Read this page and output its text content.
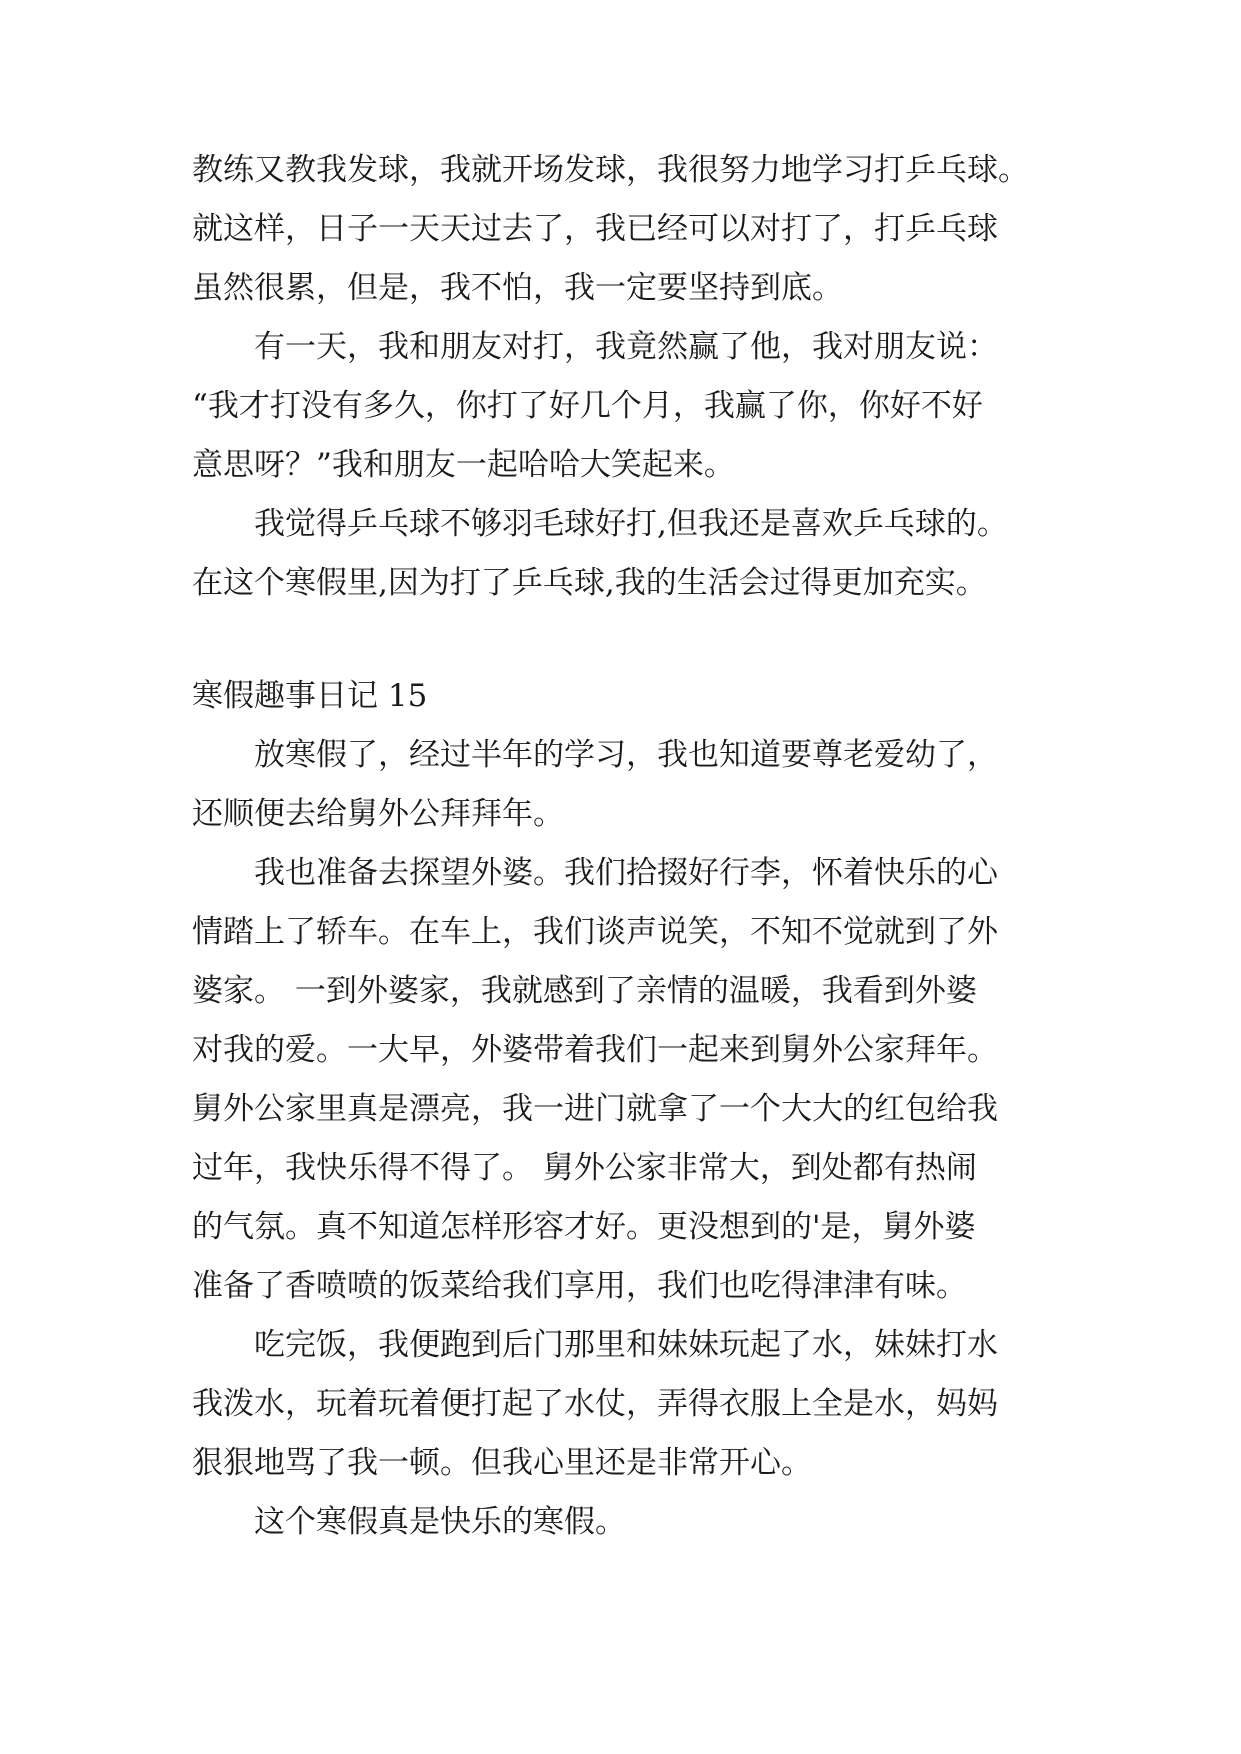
教练又教我发球，我就开场发球，我很努力地学习打乒乓球。

就这样，日子一天天过去了，我已经可以对打了，打乒乓球

虽然很累，但是，我不怕，我一定要坚持到底。

有一天，我和朋友对打，我竟然赢了他，我对朋友说：

“我才打没有多久，你打了好几个月，我赢了你，你好不好

意思呀？”我和朋友一起哈哈大笑起来。

我觉得乒乓球不够羽毛球好打,但我还是喜欢乒乓球的。

在这个寒假里,因为打了乒乓球,我的生活会过得更加充实。

寒假趣事日记 15

放寒假了，经过半年的学习，我也知道要尊老爱幼了，

还顺便去给舅外公拜拜年。

我也准备去探望外婆。我们拾掇好行李，怀着快乐的心

情踏上了轿车。在车上，我们谈声说笑，不知不觉就到了外

婆家。 一到外婆家，我就感到了亲情的温暖，我看到外婆

对我的爱。一大早，外婆带着我们一起来到舅外公家拜年。

舅外公家里真是漂亮，我一进门就拿了一个大大的红包给我

过年，我快乐得不得了。 舅外公家非常大，到处都有热闹

的气氛。真不知道怎样形容才好。更没想到的'是，舅外婆

准备了香喷喷的饭菜给我们享用，我们也吃得津津有味。

吃完饭，我便跑到后门那里和妹妹玩起了水，妹妹打水

我泼水，玩着玩着便打起了水仗，弄得衣服上全是水，妈妈

狠狠地骂了我一顿。但我心里还是非常开心。

这个寒假真是快乐的寒假。
